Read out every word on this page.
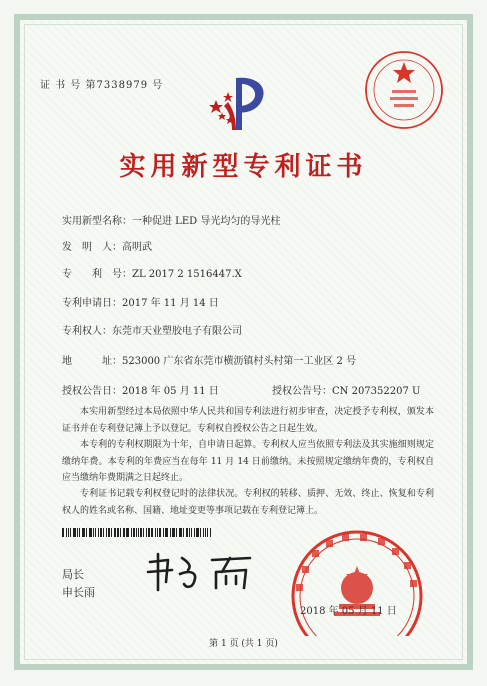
证 书 号 第7338979 号
实用新型专利证书
实用新型名称：一种促进 LED 导光均匀的导光柱
发　明　人：高明武
专　　利　号：ZL 2017 2 1516447.X
专利申请日：2017 年 11 月 14 日
专利权人：东莞市天业塑胶电子有限公司
地　　　址：523000 广东省东莞市横沥镇村头村第一工业区 2 号
授权公告日：2018 年 05 月 11 日	授权公告号：CN 207352207 U
本实用新型经过本局依照中华人民共和国专利法进行初步审查，决定授予专利权，颁发本证书并在专利登记簿上予以登记。专利权自授权公告之日起生效。
本专利的专利权期限为十年，自申请日起算。专利权人应当依照专利法及其实施细则规定缴纳年费。本专利的年费应当在每年 11 月 14 日前缴纳。未按照规定缴纳年费的，专利权自应当缴纳年费期满之日起终止。
专利证书记载专利权登记时的法律状况。专利权的转移、质押、无效、终止、恢复和专利权人的姓名或名称、国籍、地址变更等事项记载在专利登记簿上。
局长
申长雨
2018 年 05 月 11 日
第 1 页 (共 1 页)
